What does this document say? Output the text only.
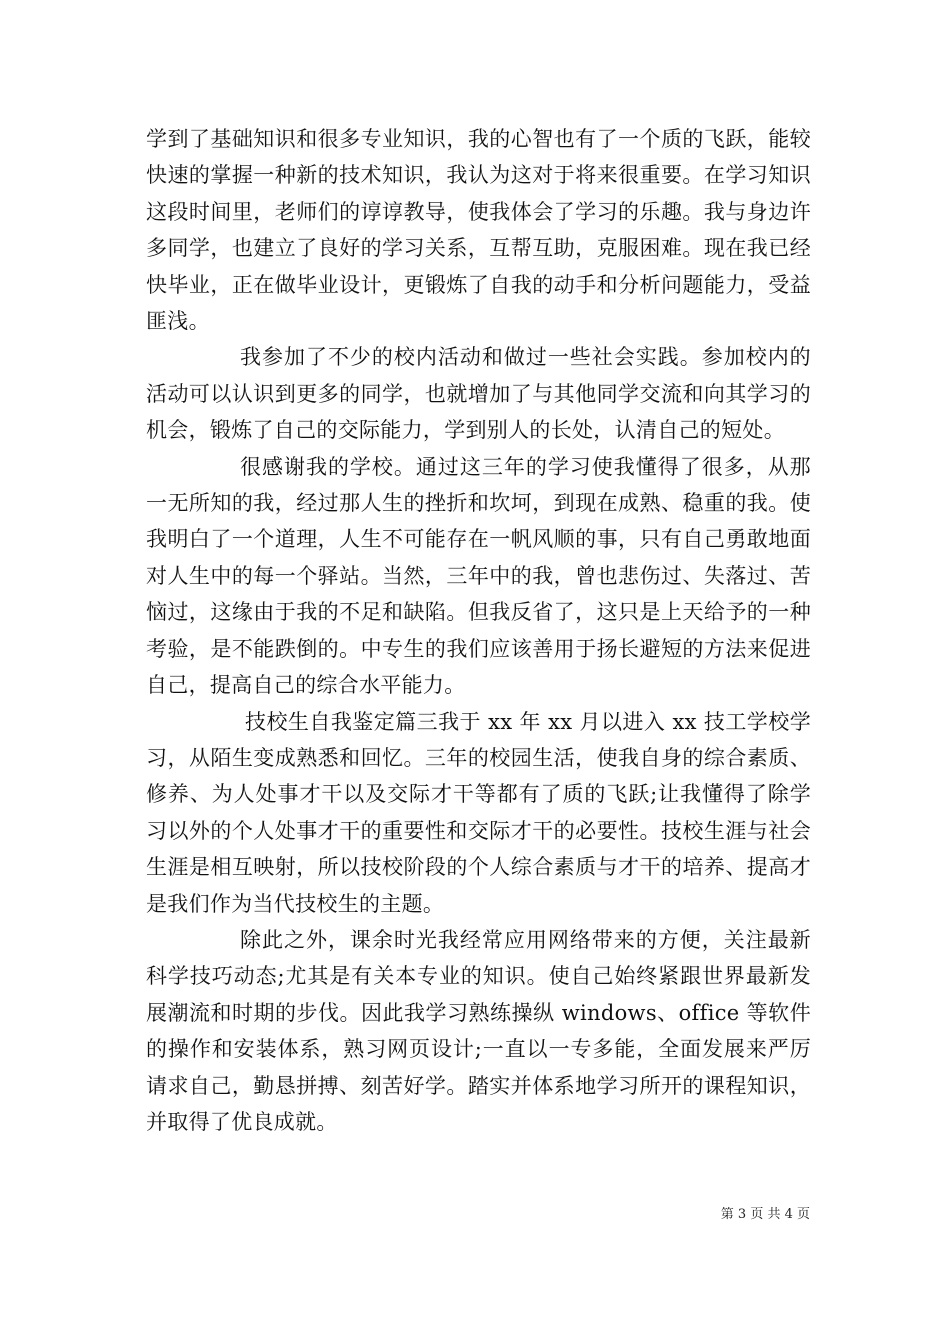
学到了基础知识和很多专业知识，我的心智也有了一个质的飞跃，能较快速的掌握一种新的技术知识，我认为这对于将来很重要。在学习知识这段时间里，老师们的谆谆教导，使我体会了学习的乐趣。我与身边许多同学，也建立了良好的学习关系，互帮互助，克服困难。现在我已经快毕业，正在做毕业设计，更锻炼了自我的动手和分析问题能力，受益匪浅。

我参加了不少的校内活动和做过一些社会实践。参加校内的活动可以认识到更多的同学，也就增加了与其他同学交流和向其学习的机会，锻炼了自己的交际能力，学到别人的长处，认清自己的短处。

很感谢我的学校。通过这三年的学习使我懂得了很多，从那一无所知的我，经过那人生的挫折和坎坷，到现在成熟、稳重的我。使我明白了一个道理，人生不可能存在一帆风顺的事，只有自己勇敢地面对人生中的每一个驿站。当然，三年中的我，曾也悲伤过、失落过、苦恼过，这缘由于我的不足和缺陷。但我反省了，这只是上天给予的一种考验，是不能跌倒的。中专生的我们应该善用于扬长避短的方法来促进自己，提高自己的综合水平能力。

技校生自我鉴定篇三我于 xx 年 xx 月以进入 xx 技工学校学习，从陌生变成熟悉和回忆。三年的校园生活，使我自身的综合素质、修养、为人处事才干以及交际才干等都有了质的飞跃;让我懂得了除学习以外的个人处事才干的重要性和交际才干的必要性。技校生涯与社会生涯是相互映射，所以技校阶段的个人综合素质与才干的培养、提高才是我们作为当代技校生的主题。

除此之外，课余时光我经常应用网络带来的方便，关注最新科学技巧动态;尤其是有关本专业的知识。使自己始终紧跟世界最新发展潮流和时期的步伐。因此我学习熟练操纵 windows、office 等软件的操作和安装体系，熟习网页设计;一直以一专多能，全面发展来严厉请求自己，勤恳拼搏、刻苦好学。踏实并体系地学习所开的课程知识，并取得了优良成就。

第 3 页 共 4 页
